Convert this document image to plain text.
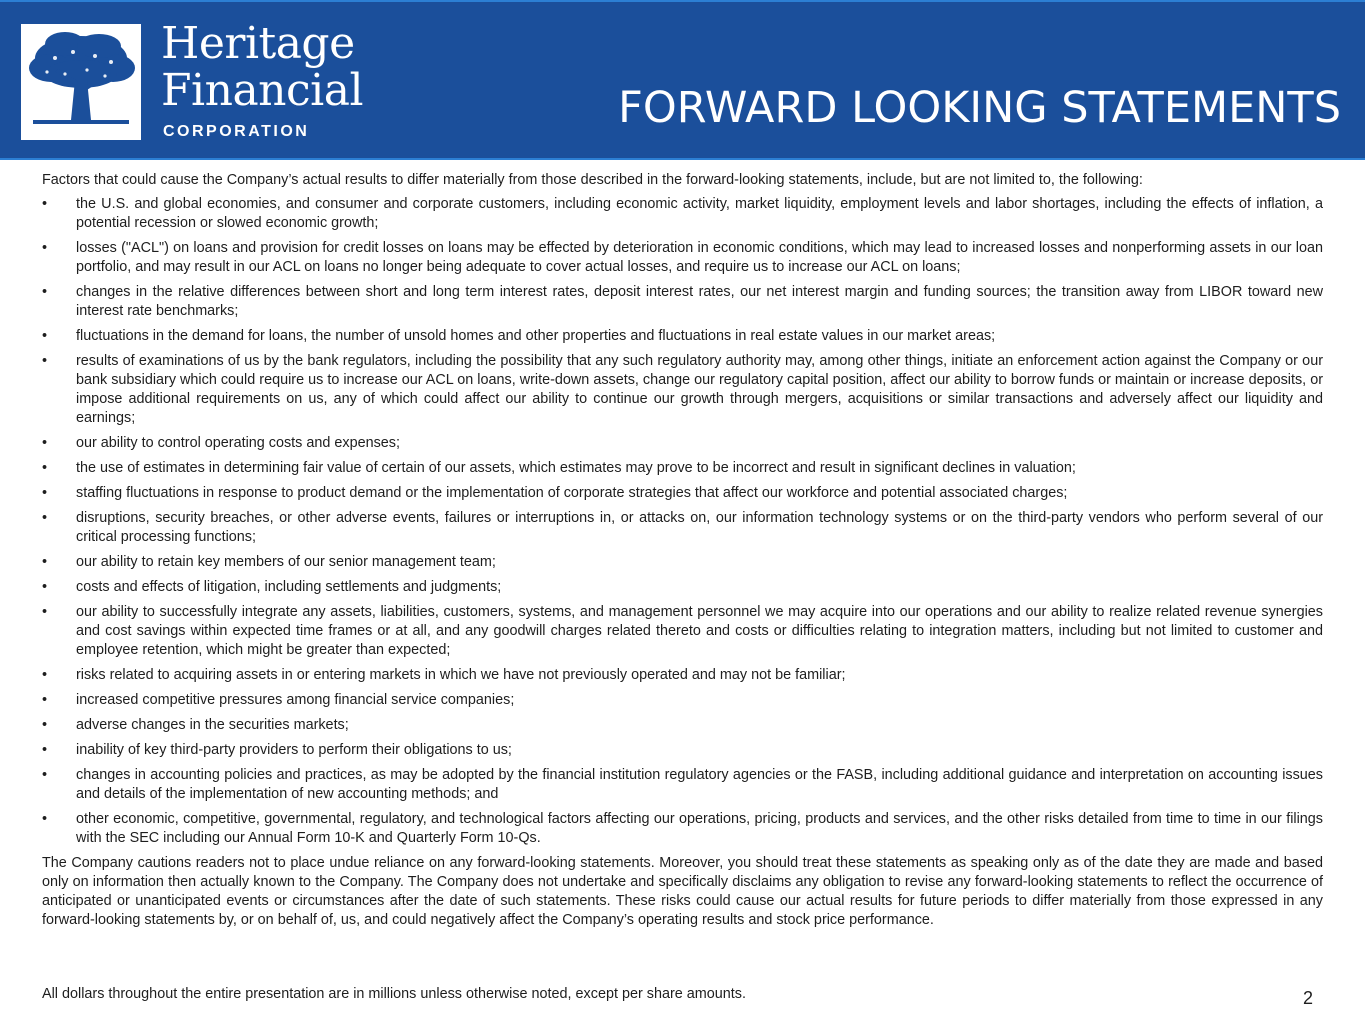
Heritage
Financial
CORPORATION	FORWARD LOOKING STATEMENTS

Factors that could cause the Company’s actual results to differ materially from those described in the forward-looking statements, include, but are not limited to, the following:

• the U.S. and global economies, and consumer and corporate customers, including economic activity, market liquidity, employment levels and labor shortages, including the effects of inflation, a potential recession or slowed economic growth;
• losses ("ACL") on loans and provision for credit losses on loans may be effected by deterioration in economic conditions, which may lead to increased losses and nonperforming assets in our loan portfolio, and may result in our ACL on loans no longer being adequate to cover actual losses, and require us to increase our ACL on loans;
• changes in the relative differences between short and long term interest rates, deposit interest rates, our net interest margin and funding sources; the transition away from LIBOR toward new interest rate benchmarks;
• fluctuations in the demand for loans, the number of unsold homes and other properties and fluctuations in real estate values in our market areas;
• results of examinations of us by the bank regulators, including the possibility that any such regulatory authority may, among other things, initiate an enforcement action against the Company or our bank subsidiary which could require us to increase our ACL on loans, write-down assets, change our regulatory capital position, affect our ability to borrow funds or maintain or increase deposits, or impose additional requirements on us, any of which could affect our ability to continue our growth through mergers, acquisitions or similar transactions and adversely affect our liquidity and earnings;
• our ability to control operating costs and expenses;
• the use of estimates in determining fair value of certain of our assets, which estimates may prove to be incorrect and result in significant declines in valuation;
• staffing fluctuations in response to product demand or the implementation of corporate strategies that affect our workforce and potential associated charges;
• disruptions, security breaches, or other adverse events, failures or interruptions in, or attacks on, our information technology systems or on the third-party vendors who perform several of our critical processing functions;
• our ability to retain key members of our senior management team;
• costs and effects of litigation, including settlements and judgments;
• our ability to successfully integrate any assets, liabilities, customers, systems, and management personnel we may acquire into our operations and our ability to realize related revenue synergies and cost savings within expected time frames or at all, and any goodwill charges related thereto and costs or difficulties relating to integration matters, including but not limited to customer and employee retention, which might be greater than expected;
• risks related to acquiring assets in or entering markets in which we have not previously operated and may not be familiar;
• increased competitive pressures among financial service companies;
• adverse changes in the securities markets;
• inability of key third-party providers to perform their obligations to us;
• changes in accounting policies and practices, as may be adopted by the financial institution regulatory agencies or the FASB, including additional guidance and interpretation on accounting issues and details of the implementation of new accounting methods; and
• other economic, competitive, governmental, regulatory, and technological factors affecting our operations, pricing, products and services, and the other risks detailed from time to time in our filings with the SEC including our Annual Form 10-K and Quarterly Form 10-Qs.

The Company cautions readers not to place undue reliance on any forward-looking statements. Moreover, you should treat these statements as speaking only as of the date they are made and based only on information then actually known to the Company. The Company does not undertake and specifically disclaims any obligation to revise any forward-looking statements to reflect the occurrence of anticipated or unanticipated events or circumstances after the date of such statements. These risks could cause our actual results for future periods to differ materially from those expressed in any forward-looking statements by, or on behalf of, us, and could negatively affect the Company’s operating results and stock price performance.

All dollars throughout the entire presentation are in millions unless otherwise noted, except per share amounts.	2
